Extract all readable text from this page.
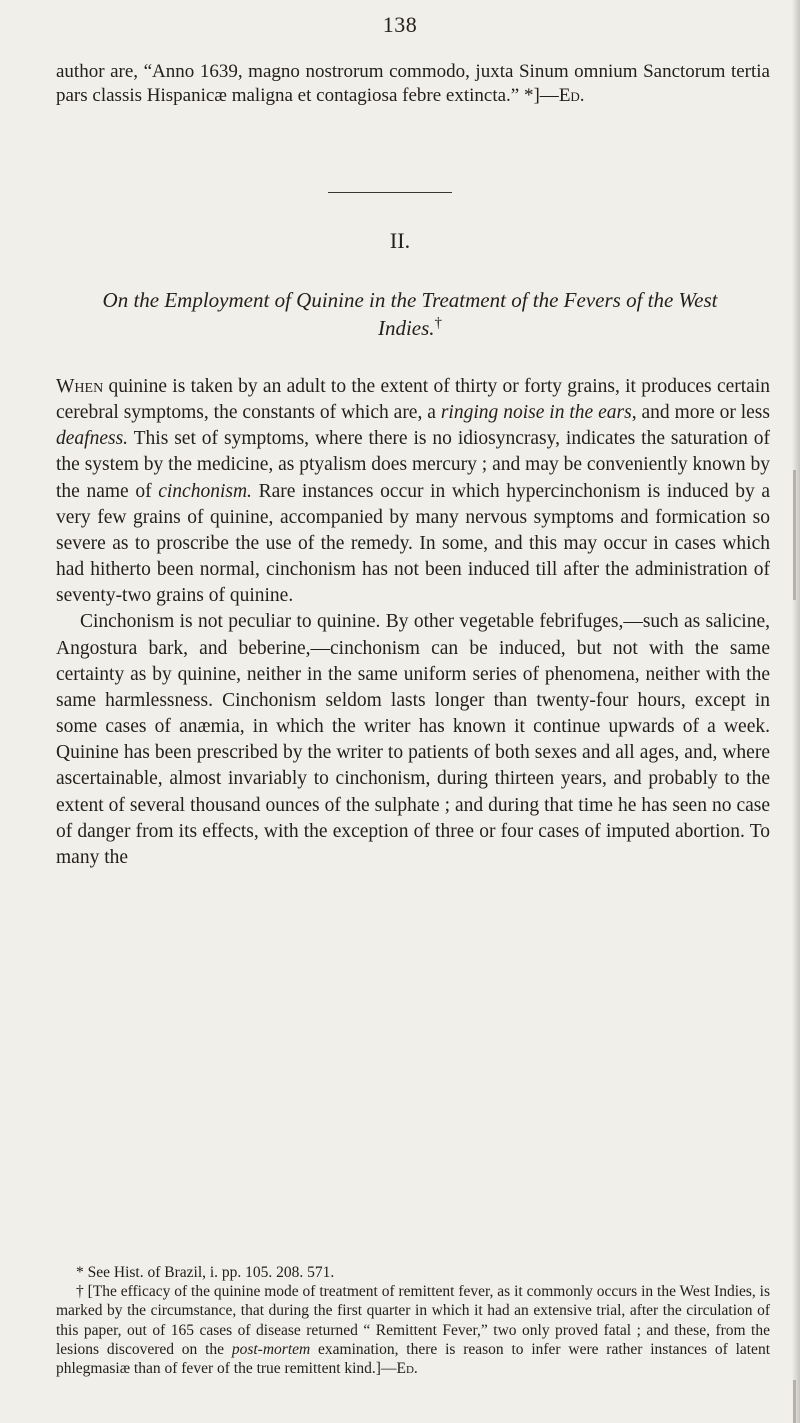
138
author are, “Anno 1639, magno nostrorum commodo, juxta Sinum omnium Sanctorum tertia pars classis Hispanicæ maligna et contagiosa febre extincta.” *]—Ed.
II.
On the Employment of Quinine in the Treatment of the Fevers of the West Indies.†

When quinine is taken by an adult to the extent of thirty or forty grains, it produces certain cerebral symptoms, the constants of which are, a ringing noise in the ears, and more or less deafness. This set of symptoms, where there is no idiosyncrasy, indicates the saturation of the system by the medicine, as ptyalism does mercury ; and may be conveniently known by the name of cinchonism. Rare instances occur in which hypercinchonism is induced by a very few grains of quinine, accompanied by many nervous symptoms and formication so severe as to proscribe the use of the remedy. In some, and this may occur in cases which had hitherto been normal, cinchonism has not been induced till after the administration of seventy-two grains of quinine.

Cinchonism is not peculiar to quinine. By other vegetable febrifuges,—such as salicine, Angostura bark, and beberine,—cinchonism can be induced, but not with the same certainty as by quinine, neither in the same uniform series of phenomena, neither with the same harmlessness. Cinchonism seldom lasts longer than twenty-four hours, except in some cases of anæmia, in which the writer has known it continue upwards of a week. Quinine has been prescribed by the writer to patients of both sexes and all ages, and, where ascertainable, almost invariably to cinchonism, during thirteen years, and probably to the extent of several thousand ounces of the sulphate ; and during that time he has seen no case of danger from its effects, with the exception of three or four cases of imputed abortion. To many the

* See Hist. of Brazil, i. pp. 105. 208. 571.

† [The efficacy of the quinine mode of treatment of remittent fever, as it commonly occurs in the West Indies, is marked by the circumstance, that during the first quarter in which it had an extensive trial, after the circulation of this paper, out of 165 cases of disease returned “ Remittent Fever,” two only proved fatal ; and these, from the lesions discovered on the post-mortem examination, there is reason to infer were rather instances of latent phlegmasiæ than of fever of the true remittent kind.]—Ed.
